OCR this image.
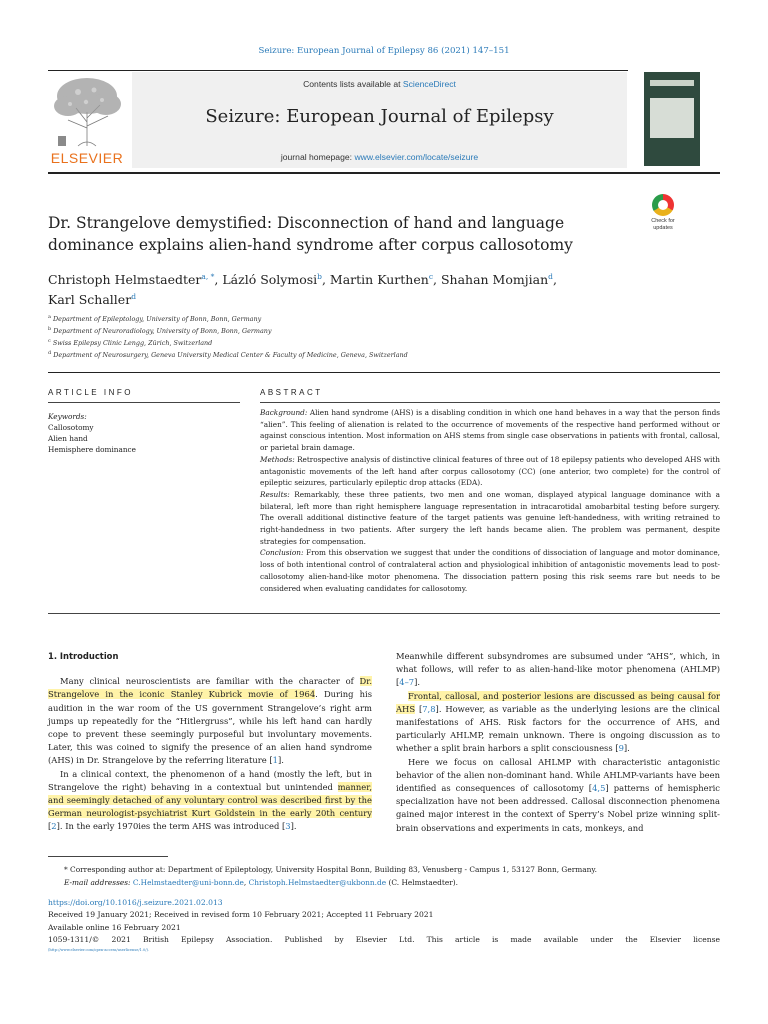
Seizure: European Journal of Epilepsy 86 (2021) 147–151
ELSEVIER
Contents lists available at ScienceDirect
Seizure: European Journal of Epilepsy
journal homepage: www.elsevier.com/locate/seizure
Dr. Strangelove demystified: Disconnection of hand and language
dominance explains alien-hand syndrome after corpus callosotomy
Check for
updates
Christoph Helmstaedter$^{a, *}$, Lázló Solymosi$^b$, Martin Kurthen$^c$, Shahan Momjian$^d$,
Karl Schaller$^d$
$^a$ Department of Epileptology, University of Bonn, Bonn, Germany
$^b$ Department of Neuroradiology, University of Bonn, Bonn, Germany
$^c$ Swiss Epilepsy Clinic Lengg, Zürich, Switzerland
$^d$ Department of Neurosurgery, Geneva University Medical Center & Faculty of Medicine, Geneva, Switzerland
ARTICLE INFO	ABSTRACT
Keywords:
Callosotomy
Alien hand
Hemisphere dominance

Background: Alien hand syndrome (AHS) is a disabling condition in which one hand behaves in a way that the person finds “alien”. This feeling of alienation is related to the occurrence of movements of the respective hand performed without or against conscious intention. Most information on AHS stems from single case observations in patients with frontal, callosal, or parietal brain damage.

Methods: Retrospective analysis of distinctive clinical features of three out of 18 epilepsy patients who developed AHS with antagonistic movements of the left hand after corpus callosotomy (CC) (one anterior, two complete) for the control of epileptic seizures, particularly epileptic drop attacks (EDA).

Results: Remarkably, these three patients, two men and one woman, displayed atypical language dominance with a bilateral, left more than right hemisphere language representation in intracarotidal amobarbital testing before surgery. The overall additional distinctive feature of the target patients was genuine left-handedness, with writing retrained to right-handedness in two patients. After surgery the left hands became alien. The problem was permanent, despite strategies for compensation.

Conclusion: From this observation we suggest that under the conditions of dissociation of language and motor dominance, loss of both intentional control of contralateral action and physiological inhibition of antagonistic movements lead to post-callosotomy alien-hand-like motor phenomena. The dissociation pattern posing this risk seems rare but needs to be considered when evaluating candidates for callosotomy.

1. Introduction

Many clinical neuroscientists are familiar with the character of Dr. Strangelove in the iconic Stanley Kubrick movie of 1964. During his audition in the war room of the US government Strangelove’s right arm jumps up repeatedly for the “Hitlergruss”, while his left hand can hardly cope to prevent these seemingly purposeful but involuntary movements. Later, this was coined to signify the presence of an alien hand syndrome (AHS) in Dr. Strangelove by the referring literature [1].

In a clinical context, the phenomenon of a hand (mostly the left, but in Strangelove the right) behaving in a contextual but unintended manner, and seemingly detached of any voluntary control was described first by the German neurologist-psychiatrist Kurt Goldstein in the early 20th century [2]. In the early 1970ies the term AHS was introduced [3].

Meanwhile different subsyndromes are subsumed under “AHS”, which, in what follows, will refer to as alien-hand-like motor phenomena (AHLMP) [4–7].

Frontal, callosal, and posterior lesions are discussed as being causal for AHS [7,8]. However, as variable as the underlying lesions are the clinical manifestations of AHS. Risk factors for the occurrence of AHS, and particularly AHLMP, remain unknown. There is ongoing discussion as to whether a split brain harbors a split consciousness [9].

Here we focus on callosal AHLMP with characteristic antagonistic behavior of the alien non-dominant hand. While AHLMP-variants have been identified as consequences of callosotomy [4,5] patterns of hemispheric specialization have not been addressed. Callosal disconnection phenomena gained major interest in the context of Sperry’s Nobel prize winning split-brain observations and experiments in cats, monkeys, and

* Corresponding author at: Department of Epileptology, University Hospital Bonn, Building 83, Venusberg - Campus 1, 53127 Bonn, Germany.
E-mail addresses: C.Helmstaedter@uni-bonn.de, Christoph.Helmstaedter@ukbonn.de (C. Helmstaedter).

https://doi.org/10.1016/j.seizure.2021.02.013

Received 19 January 2021; Received in revised form 10 February 2021; Accepted 11 February 2021

Available online 16 February 2021

1059-1311/© 2021 British Epilepsy Association. Published by Elsevier Ltd. This article is made available under the Elsevier license

(http://www.elsevier.com/open-access/userlicense/1.0/).
